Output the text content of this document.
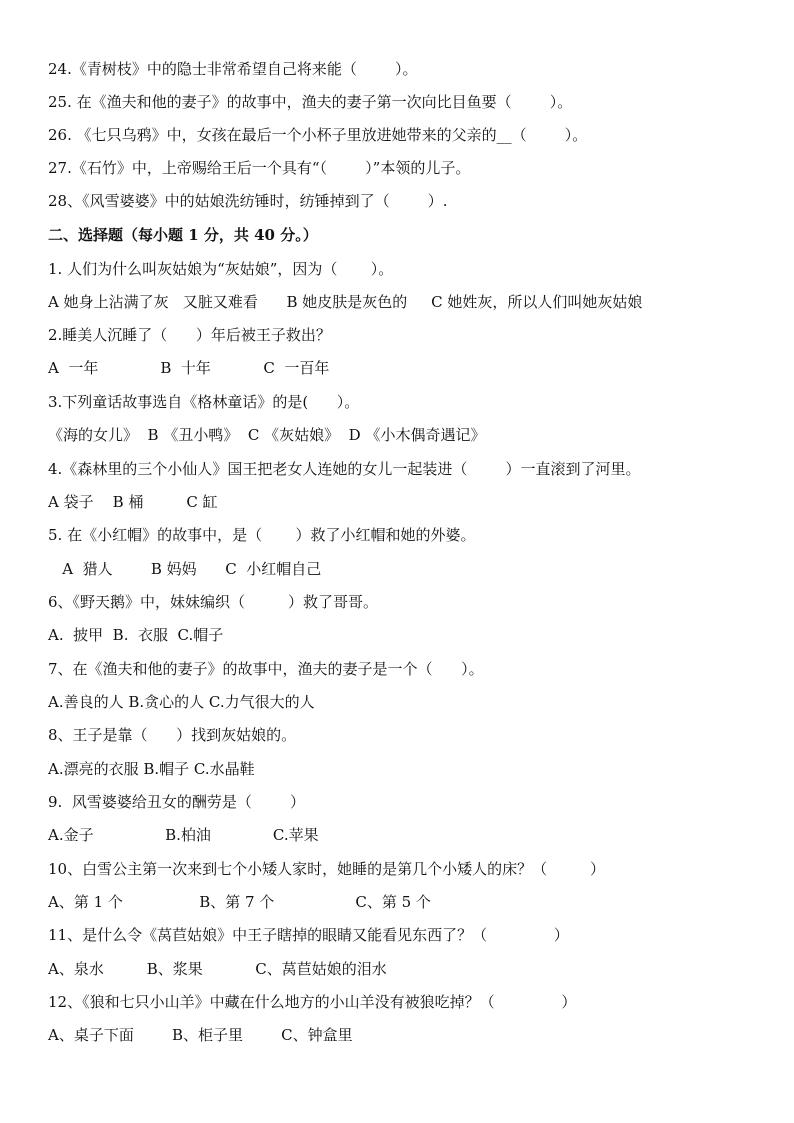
24.《青树枝》中的隐士非常希望自己将来能（        ）。
25. 在《渔夫和他的妻子》的故事中，渔夫的妻子第一次向比目鱼要（        ）。
26. 《七只乌鸦》中，女孩在最后一个小杯子里放进她带来的父亲的__（        ）。
27.《石竹》中，上帝赐给王后一个具有“（        ）”本领的儿子。
28、《风雪婆婆》中的姑娘洗纺锤时，纺锤掉到了（        ）.
二、选择题（每小题 1 分，共 40 分。）
1. 人们为什么叫灰姑娘为“灰姑娘”，因为（       ）。
A 她身上沾满了灰   又脏又难看      B 她皮肤是灰色的     C 她姓灰，所以人们叫她灰姑娘
2.睡美人沉睡了（      ）年后被王子救出？
A  一年             B  十年           C  一百年
3.下列童话故事选自《格林童话》的是(      ）。
《海的女儿》  B 《丑小鸭》  C 《灰姑娘》  D 《小木偶奇遇记》
4.《森林里的三个小仙人》国王把老女人连她的女儿一起装进（        ）一直滚到了河里。
A 袋子    B 桶         C 缸
5. 在《小红帽》的故事中，是（       ）救了小红帽和她的外婆。
A  猎人        B 妈妈      C  小红帽自己
6、《野天鹅》中，妹妹编织（         ）救了哥哥。
A.  披甲  B.  衣服  C.帽子
7、在《渔夫和他的妻子》的故事中，渔夫的妻子是一个（      ）。
A.善良的人 B.贪心的人 C.力气很大的人
8、王子是靠（      ）找到灰姑娘的。
A.漂亮的衣服 B.帽子 C.水晶鞋
9.  风雪婆婆给丑女的酬劳是（        ）
A.金子               B.柏油             C.苹果
10、白雪公主第一次来到七个小矮人家时，她睡的是第几个小矮人的床？（         ）
A、第 1 个                B、第 7 个                 C、第 5 个
11、是什么令《莴苣姑娘》中王子瞎掉的眼睛又能看见东西了？（              ）
A、泉水         B、浆果           C、莴苣姑娘的泪水
12、《狼和七只小山羊》中藏在什么地方的小山羊没有被狼吃掉？（              ）
A、桌子下面        B、柜子里        C、钟盒里
